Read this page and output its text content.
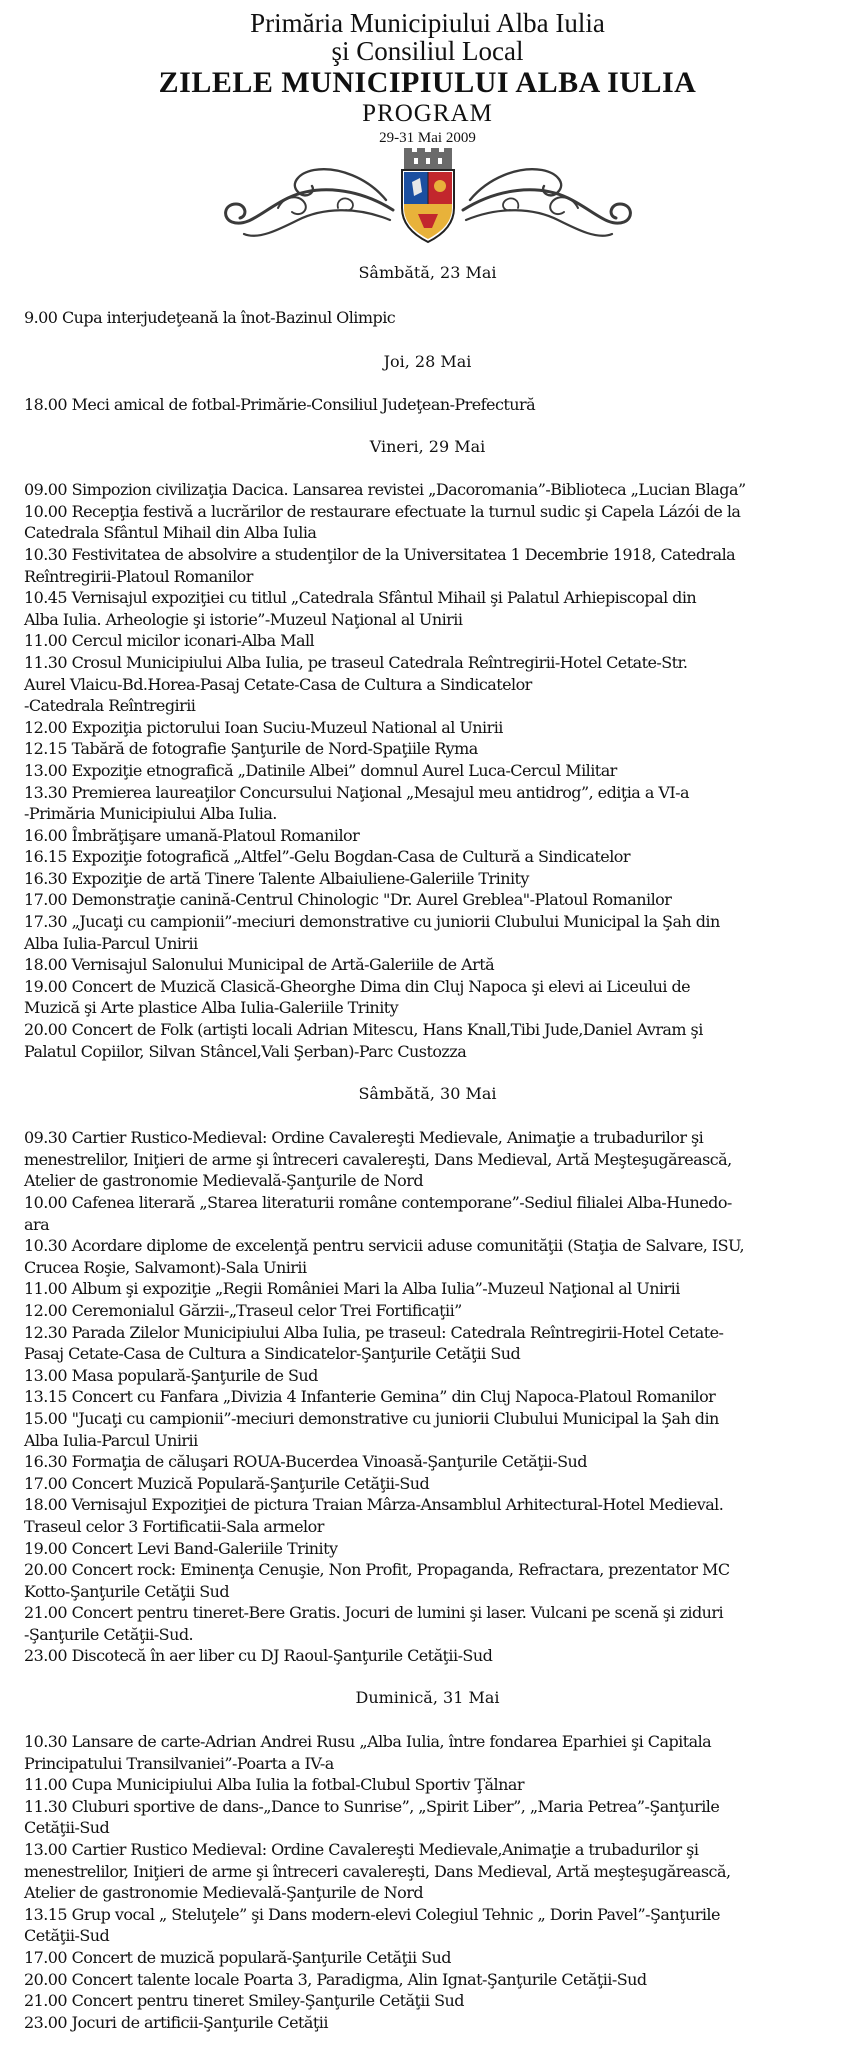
Primăria Municipiului Alba Iulia
şi Consiliul Local
ZILELE MUNICIPIULUI ALBA IULIA
PROGRAM
29-31 Mai 2009
Sâmbătă, 23 Mai
9.00 Cupa interjudeţeană la înot-Bazinul Olimpic
Joi, 28 Mai
18.00 Meci amical de fotbal-Primărie-Consiliul Judeţean-Prefectură
Vineri, 29 Mai
09.00 Simpozion civilizaţia Dacica. Lansarea revistei „Dacoromania”-Biblioteca „Lucian Blaga”
10.00 Recepţia festivă a lucrărilor de restaurare efectuate la turnul sudic şi Capela Lázói de la
Catedrala Sfântul Mihail din Alba Iulia
10.30 Festivitatea de absolvire a studenţilor de la Universitatea 1 Decembrie 1918, Catedrala
Reîntregirii-Platoul Romanilor
10.45 Vernisajul expoziţiei cu titlul „Catedrala Sfântul Mihail şi Palatul Arhiepiscopal din
Alba Iulia. Arheologie şi istorie”-Muzeul Naţional al Unirii
11.00 Cercul micilor iconari-Alba Mall
11.30 Crosul Municipiului Alba Iulia, pe traseul Catedrala Reîntregirii-Hotel Cetate-Str.
Aurel Vlaicu-Bd.Horea-Pasaj Cetate-Casa de Cultura a Sindicatelor
-Catedrala Reîntregirii
12.00 Expoziţia pictorului Ioan Suciu-Muzeul National al Unirii
12.15 Tabără de fotografie Şanţurile de Nord-Spaţiile Ryma
13.00 Expoziţie etnografică „Datinile Albei” domnul Aurel Luca-Cercul Militar
13.30 Premierea laureaţilor Concursului Naţional „Mesajul meu antidrog”, ediţia a VI-a
-Primăria Municipiului Alba Iulia.
16.00 Îmbrăţişare umană-Platoul Romanilor
16.15 Expoziţie fotografică „Altfel”-Gelu Bogdan-Casa de Cultură a Sindicatelor
16.30 Expoziţie de artă Tinere Talente Albaiuliene-Galeriile Trinity
17.00 Demonstraţie canină-Centrul Chinologic "Dr. Aurel Greblea"-Platoul Romanilor
17.30 „Jucaţi cu campionii”-meciuri demonstrative cu juniorii Clubului Municipal la Şah din
Alba Iulia-Parcul Unirii
18.00 Vernisajul Salonului Municipal de Artă-Galeriile de Artă
19.00 Concert de Muzică Clasică-Gheorghe Dima din Cluj Napoca şi elevi ai Liceului de
Muzică şi Arte plastice Alba Iulia-Galeriile Trinity
20.00 Concert de Folk (artişti locali Adrian Mitescu, Hans Knall,Tibi Jude,Daniel Avram şi
Palatul Copiilor, Silvan Stâncel,Vali Şerban)-Parc Custozza
Sâmbătă, 30 Mai
09.30 Cartier Rustico-Medieval: Ordine Cavalereşti Medievale, Animaţie a trubadurilor şi
menestrelilor, Iniţieri de arme şi întreceri cavalereşti, Dans Medieval, Artă Meşteşugărească,
Atelier de gastronomie Medievală-Şanţurile de Nord
10.00 Cafenea literară „Starea literaturii române contemporane”-Sediul filialei Alba-Hunedo-
ara
10.30 Acordare diplome de excelenţă pentru servicii aduse comunităţii (Staţia de Salvare, ISU,
Crucea Roşie, Salvamont)-Sala Unirii
11.00 Album şi expoziţie „Regii României Mari la Alba Iulia”-Muzeul Naţional al Unirii
12.00 Ceremonialul Gărzii-„Traseul celor Trei Fortificaţii”
12.30 Parada Zilelor Municipiului Alba Iulia, pe traseul: Catedrala Reîntregirii-Hotel Cetate-
Pasaj Cetate-Casa de Cultura a Sindicatelor-Şanţurile Cetăţii Sud
13.00 Masa populară-Şanţurile de Sud
13.15 Concert cu Fanfara „Divizia 4 Infanterie Gemina” din Cluj Napoca-Platoul Romanilor
15.00 "Jucaţi cu campionii”-meciuri demonstrative cu juniorii Clubului Municipal la Şah din
Alba Iulia-Parcul Unirii
16.30 Formaţia de căluşari ROUA-Bucerdea Vinoasă-Şanţurile Cetăţii-Sud
17.00 Concert Muzică Populară-Şanţurile Cetăţii-Sud
18.00 Vernisajul Expoziţiei de pictura Traian Mârza-Ansamblul Arhitectural-Hotel Medieval.
Traseul celor 3 Fortificatii-Sala armelor
19.00 Concert Levi Band-Galeriile Trinity
20.00 Concert rock: Eminenţa Cenuşie, Non Profit, Propaganda, Refractara, prezentator MC
Kotto-Şanţurile Cetăţii Sud
21.00 Concert pentru tineret-Bere Gratis. Jocuri de lumini şi laser. Vulcani pe scenă şi ziduri
-Şanţurile Cetăţii-Sud.
23.00 Discotecă în aer liber cu DJ Raoul-Şanţurile Cetăţii-Sud
Duminică, 31 Mai
10.30 Lansare de carte-Adrian Andrei Rusu „Alba Iulia, între fondarea Eparhiei şi Capitala
Principatului Transilvaniei”-Poarta a IV-a
11.00 Cupa Municipiului Alba Iulia la fotbal-Clubul Sportiv Ţălnar
11.30 Cluburi sportive de dans-„Dance to Sunrise”, „Spirit Liber”, „Maria Petrea”-Şanţurile
Cetăţii-Sud
13.00 Cartier Rustico Medieval: Ordine Cavalereşti Medievale,Animaţie a trubadurilor şi
menestrelilor, Iniţieri de arme şi întreceri cavalereşti, Dans Medieval, Artă meşteşugărească,
Atelier de gastronomie Medievală-Şanţurile de Nord
13.15 Grup vocal „ Steluţele” şi Dans modern-elevi Colegiul Tehnic „ Dorin Pavel”-Şanţurile
Cetăţii-Sud
17.00 Concert de muzică populară-Şanţurile Cetăţii Sud
20.00 Concert talente locale Poarta 3, Paradigma, Alin Ignat-Şanţurile Cetăţii-Sud
21.00 Concert pentru tineret Smiley-Şanţurile Cetăţii Sud
23.00 Jocuri de artificii-Şanţurile Cetăţii
